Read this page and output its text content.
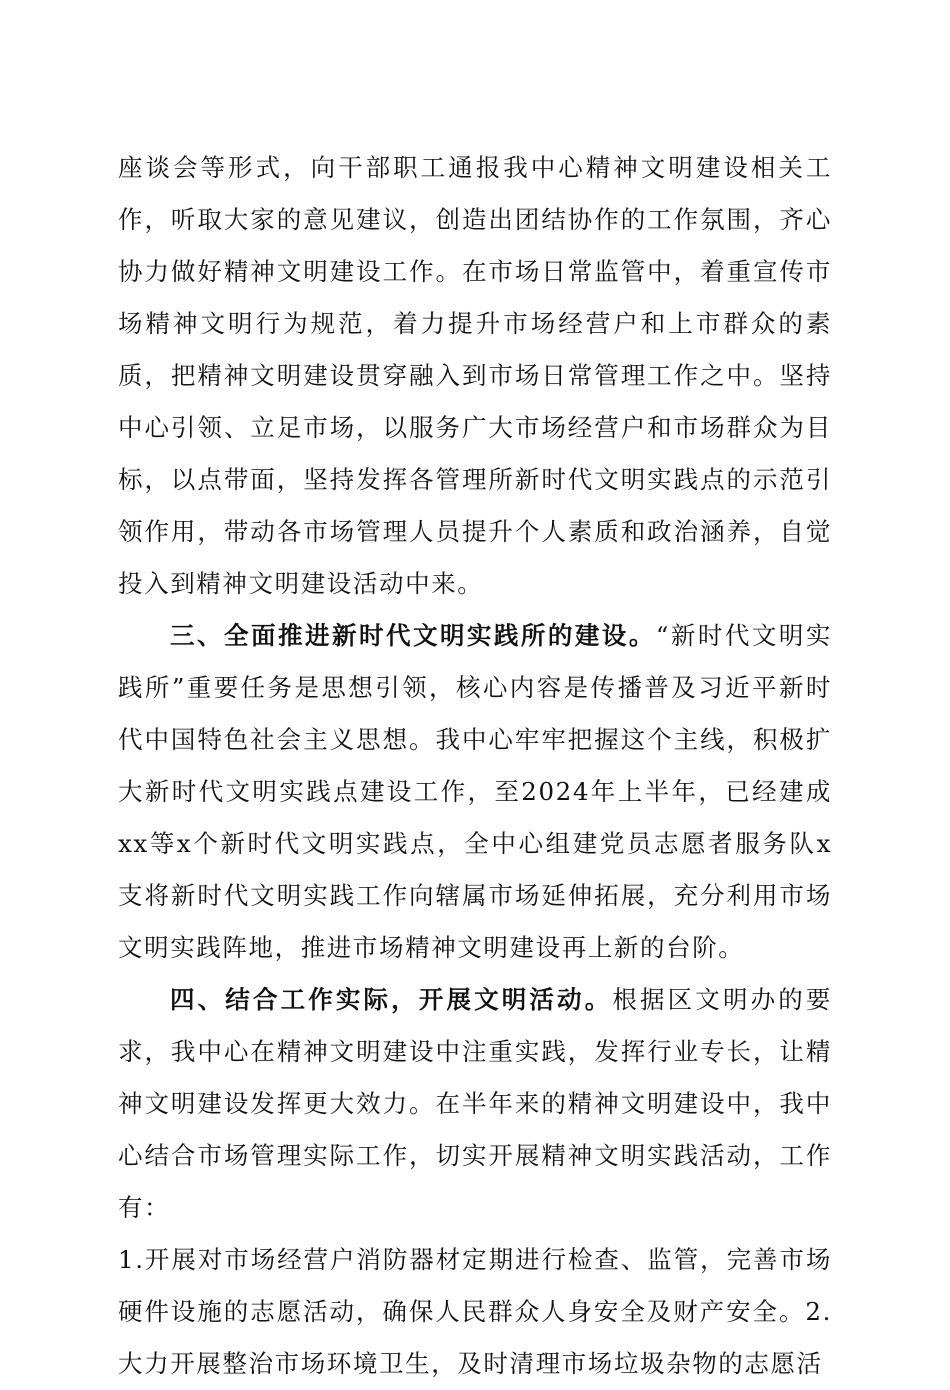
座谈会等形式，向干部职工通报我中心精神文明建设相关工作，听取大家的意见建议，创造出团结协作的工作氛围，齐心协力做好精神文明建设工作。在市场日常监管中，着重宣传市场精神文明行为规范，着力提升市场经营户和上市群众的素质，把精神文明建设贯穿融入到市场日常管理工作之中。坚持中心引领、立足市场，以服务广大市场经营户和市场群众为目标，以点带面，坚持发挥各管理所新时代文明实践点的示范引领作用，带动各市场管理人员提升个人素质和政治涵养，自觉投入到精神文明建设活动中来。

三、全面推进新时代文明实践所的建设。“新时代文明实践所”重要任务是思想引领，核心内容是传播普及习近平新时代中国特色社会主义思想。我中心牢牢把握这个主线，积极扩大新时代文明实践点建设工作，至2024年上半年，已经建成xx等x个新时代文明实践点，全中心组建党员志愿者服务队x支将新时代文明实践工作向辖属市场延伸拓展，充分利用市场文明实践阵地，推进市场精神文明建设再上新的台阶。

四、结合工作实际，开展文明活动。根据区文明办的要求，我中心在精神文明建设中注重实践，发挥行业专长，让精神文明建设发挥更大效力。在半年来的精神文明建设中，我中心结合市场管理实际工作，切实开展精神文明实践活动，工作有：

1.开展对市场经营户消防器材定期进行检查、监管，完善市场硬件设施的志愿活动，确保人民群众人身安全及财产安全。2.大力开展整治市场环境卫生，及时清理市场垃圾杂物的志愿活
